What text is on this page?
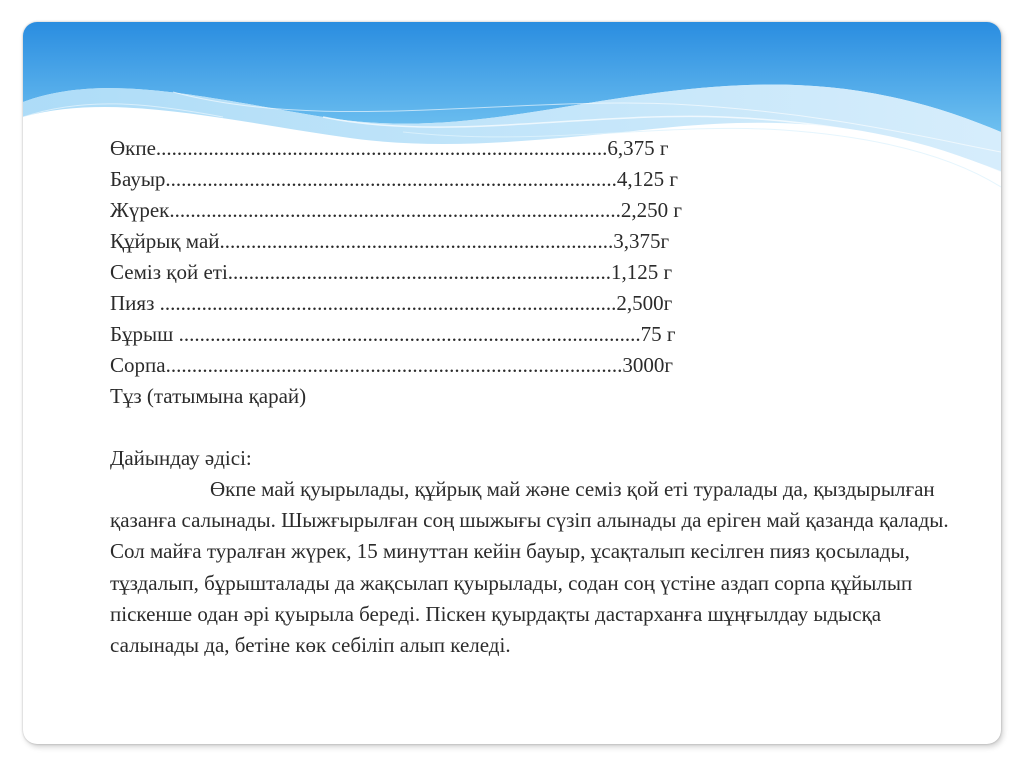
Өкпе......................................................................................6,375 г
Бауыр......................................................................................4,125 г
Жүрек......................................................................................2,250 г
Құйрық май...........................................................................3,375г
Семіз қой еті.........................................................................1,125 г
Пияз .......................................................................................2,500г
Бұрыш ........................................................................................75 г
Сорпа.......................................................................................3000г
Тұз (татымына қарай)
Дайындау әдісі:

Өкпе май қуырылады, құйрық май және семіз қой еті туралады да, қыздырылған қазанға салынады. Шыжғырылған соң шыжығы сүзіп алынады да еріген май қазанда қалады. Сол майға туралған жүрек, 15 минуттан кейін бауыр, ұсақталып кесілген пияз қосылады, тұздалып, бұрышталады да жақсылап қуырылады, содан соң үстіне аздап сорпа құйылып піскенше одан әрі қуырыла береді. Піскен қуырдақты дастарханға шұңғылдау ыдысқа салынады да, бетіне көк себіліп алып келеді.
